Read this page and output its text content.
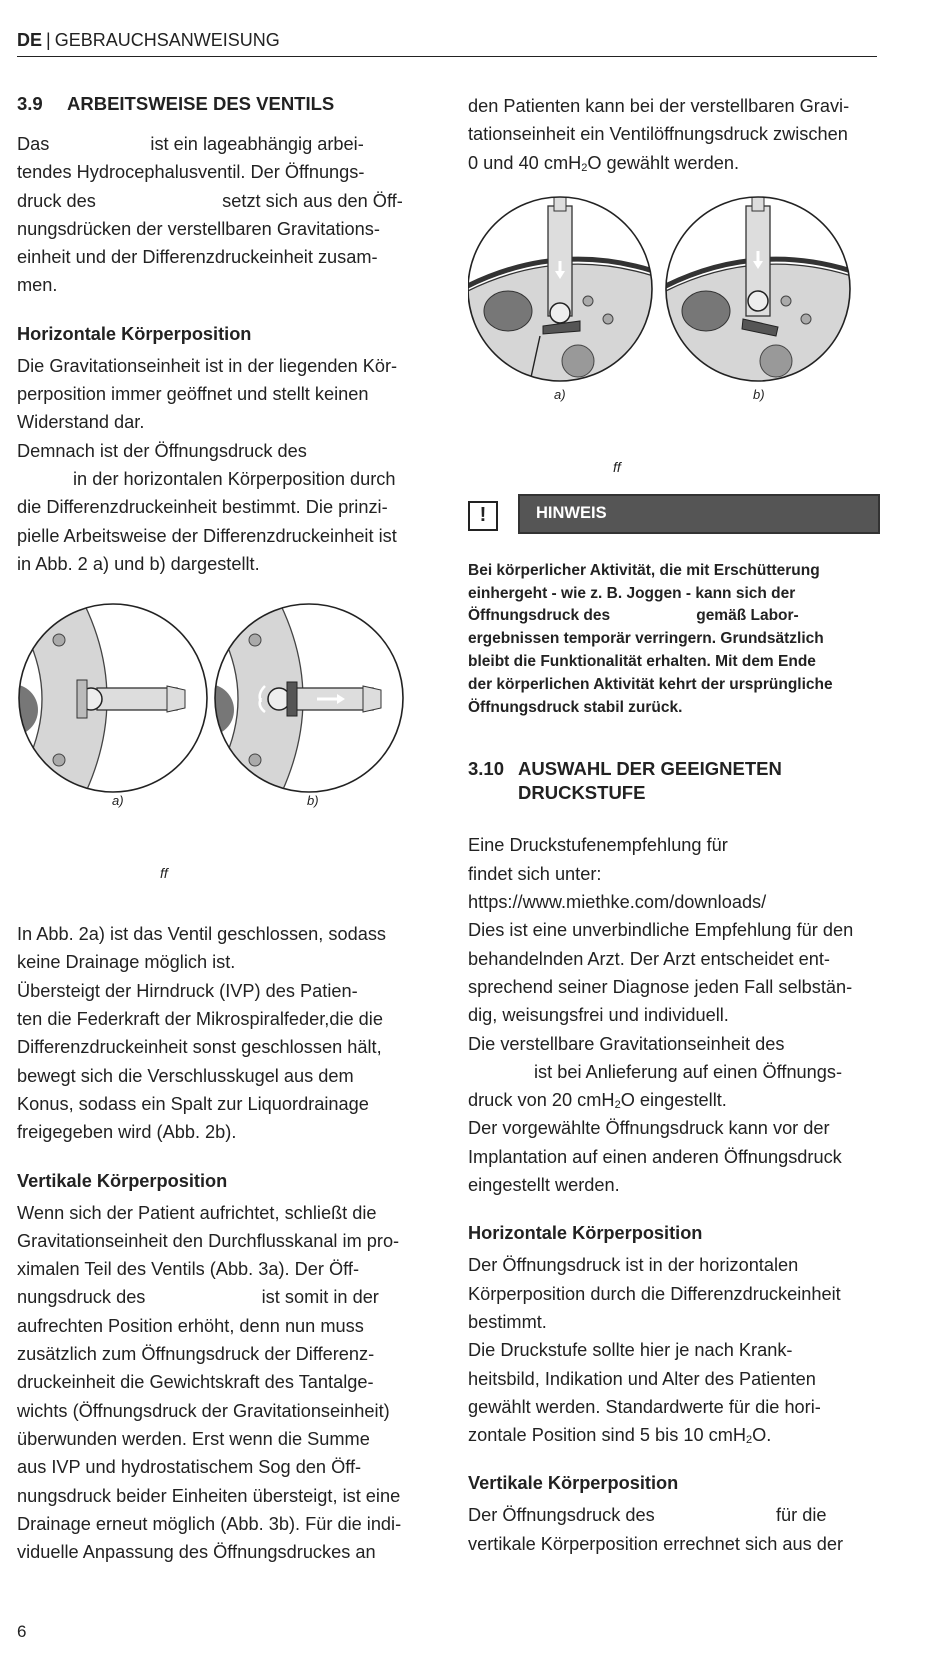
DE | GEBRAUCHSANWEISUNG
3.9	ARBEITSWEISE DES VENTILS

Das                    ist ein lageabhängig arbei-

tendes Hydrocephalusventil. Der Öffnungs-

druck des                         setzt sich aus den Öff-

nungsdrücken der verstellbaren Gravitations-

einheit und der Differenzdruckeinheit zusam-

men.

Horizontale Körperposition

Die Gravitationseinheit ist in der liegenden Kör-

perposition immer geöffnet und stellt keinen

Widerstand dar.

Demnach ist der Öffnungsdruck des

in der horizontalen Körperposition durch

die Differenzdruckeinheit bestimmt. Die prinzi-

pielle Arbeitsweise der Differenzdruckeinheit ist

in Abb. 2 a) und b) dargestellt.

a)	b)
ff

In Abb. 2a) ist das Ventil geschlossen, sodass

keine Drainage möglich ist.

Übersteigt der Hirndruck (IVP) des Patien-

ten die Federkraft der Mikrospiralfeder,die die

Differenzdruckeinheit sonst geschlossen hält,

bewegt sich die Verschlusskugel aus dem

Konus, sodass ein Spalt zur Liquordrainage

freigegeben wird (Abb. 2b).

Vertikale Körperposition

Wenn sich der Patient aufrichtet, schließt die

Gravitationseinheit den Durchflusskanal im pro-

ximalen Teil des Ventils (Abb. 3a). Der Öff-

nungsdruck des                       ist somit in der

aufrechten Position erhöht, denn nun muss

zusätzlich zum Öffnungsdruck der Differenz-

druckeinheit die Gewichtskraft des Tantalge-

wichts (Öffnungsdruck der Gravitationseinheit)

überwunden werden. Erst wenn die Summe

aus IVP und hydrostatischem Sog den Öff-

nungsdruck beider Einheiten übersteigt, ist eine

Drainage erneut möglich (Abb. 3b). Für die indi-

viduelle Anpassung des Öffnungsdruckes an

den Patienten kann bei der verstellbaren Gravi-

tationseinheit ein Ventilöffnungsdruck zwischen

0 und 40 cmH$_2$O gewählt werden.

a)	b)
ff
!	HINWEIS

Bei körperlicher Aktivität, die mit Erschütterung

einhergeht - wie z. B. Joggen - kann sich der

Öffnungsdruck des                    gemäß Labor-

ergebnissen temporär verringern. Grundsätzlich

bleibt die Funktionalität erhalten. Mit dem Ende

der körperlichen Aktivität kehrt der ursprüngliche

Öffnungsdruck stabil zurück.

3.10 AUSWAHL DER GEEIGNETEN
DRUCKSTUFE

Eine Druckstufenempfehlung für

findet sich unter:

https://www.miethke.com/downloads/

Dies ist eine unverbindliche Empfehlung für den

behandelnden Arzt. Der Arzt entscheidet ent-

sprechend seiner Diagnose jeden Fall selbstän-

dig, weisungsfrei und individuell.

Die verstellbare Gravitationseinheit des

ist bei Anlieferung auf einen Öffnungs-

druck von 20 cmH$_2$O eingestellt.

Der vorgewählte Öffnungsdruck kann vor der

Implantation auf einen anderen Öffnungsdruck

eingestellt werden.

Horizontale Körperposition

Der Öffnungsdruck ist in der horizontalen

Körperposition durch die Differenzdruckeinheit

bestimmt.

Die Druckstufe sollte hier je nach Krank-

heitsbild, Indikation und Alter des Patienten

gewählt werden. Standardwerte für die hori-

zontale Position sind 5 bis 10 cmH$_2$O.

Vertikale Körperposition

Der Öffnungsdruck des                        für die

vertikale Körperposition errechnet sich aus der

6
